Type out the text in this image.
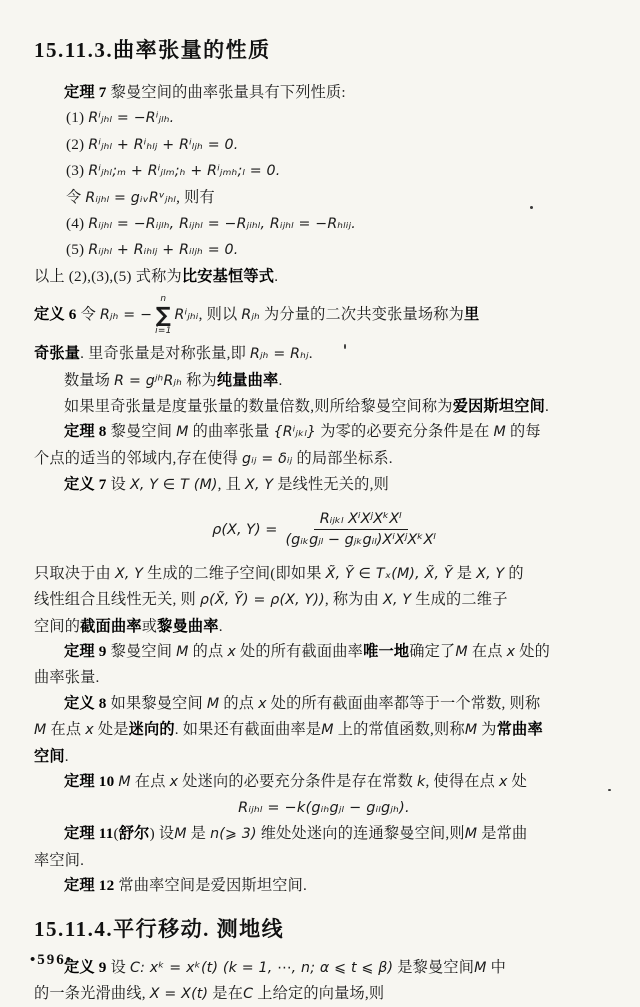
15.11.3.曲率张量的性质
定理 7 黎曼空间的曲率张量具有下列性质:
(1) Rⁱⱼₕₗ = −Rⁱⱼₗₕ.
(2) Rⁱⱼₕₗ + Rⁱₕₗⱼ + Rⁱₗⱼₕ = 0.
(3) Rⁱⱼₕₗ;ₘ + Rⁱⱼₗₘ;ₕ + Rⁱⱼₘₕ;ₗ = 0.
令 Rᵢⱼₕₗ = gᵢᵥRᵛⱼₕₗ, 则有
(4) Rᵢⱼₕₗ = −Rᵢⱼₗₕ, Rᵢⱼₕₗ = −Rⱼᵢₕₗ, Rᵢⱼₕₗ = −Rₕₗᵢⱼ.
(5) Rᵢⱼₕₗ + Rᵢₕₗⱼ + Rᵢₗⱼₕ = 0.
以上 (2),(3),(5) 式称为比安基恒等式.
定义 6 令 Rⱼₕ = −
n
∑
i=1
Rⁱⱼₕᵢ, 则以 Rⱼₕ 为分量的二次共变张量场称为里
奇张量. 里奇张量是对称张量,即 Rⱼₕ = Rₕⱼ.
数量场 R = gʲʰRⱼₕ 称为纯量曲率.
如果里奇张量是度量张量的数量倍数,则所给黎曼空间称为爱因斯坦空间.
定理 8 黎曼空间 M 的曲率张量 {Rⁱⱼₖₗ} 为零的必要充分条件是在 M 的每
个点的适当的邻域内,存在使得 gᵢⱼ = δᵢⱼ 的局部坐标系.
定义 7 设 X, Y ∈ T (M), 且 X, Y 是线性无关的,则
ρ(X, $Y) = \frac{\text{Rᵢⱼₖₗ XⁱXʲXᵏXˡ}}{\text{(gᵢₖgⱼₗ − gⱼₖgᵢₗ)XⁱXʲXᵏXˡ}}$
只取决于由 X, Y 生成的二维子空间(即如果 X̃, Ỹ ∈ Tₓ(M), X̃, Ỹ 是 X, Y 的
线性组合且线性无关, 则 ρ(X̃, Ỹ) = ρ(X, Y)), 称为由 X, Y 生成的二维子
空间的截面曲率或黎曼曲率.
定理 9 黎曼空间 M 的点 x 处的所有截面曲率唯一地确定了M 在点 x 处的
曲率张量.
定义 8 如果黎曼空间 M 的点 x 处的所有截面曲率都等于一个常数, 则称
M 在点 x 处是迷向的. 如果还有截面曲率是M 上的常值函数,则称M 为常曲率
空间.
定理 10 M 在点 x 处迷向的必要充分条件是存在常数 k, 使得在点 x 处
Rᵢⱼₕₗ = −k(gᵢₕgⱼₗ − gᵢₗgⱼₕ).
定理 11(舒尔) 设M 是 n(⩾ 3) 维处处迷向的连通黎曼空间,则M 是常曲
率空间.
定理 12 常曲率空间是爱因斯坦空间.
15.11.4.平行移动. 测地线
定义 9 设 C: xᵏ = xᵏ(t) (k = 1, ⋯, n; α ⩽ t ⩽ β) 是黎曼空间M 中
的一条光滑曲线, X = X(t) 是在C 上给定的向量场,则
•596•
